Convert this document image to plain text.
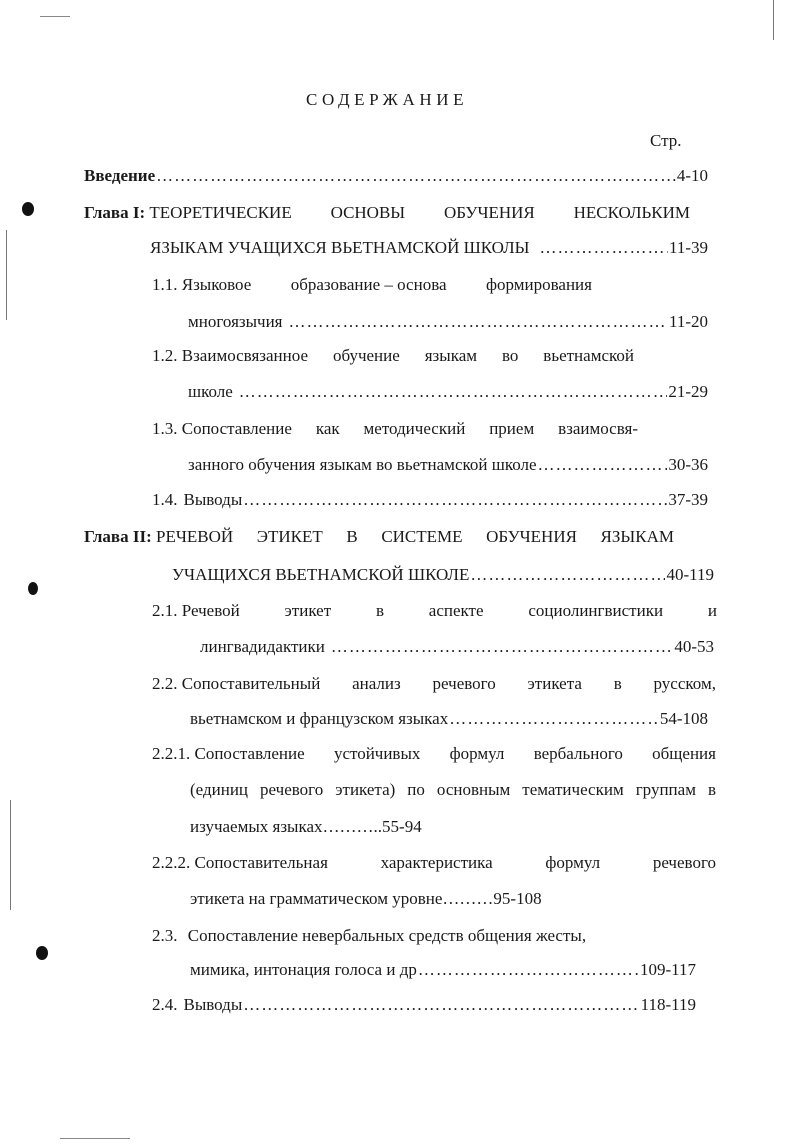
СОДЕРЖАНИЕ
Стр.
Введение …………………………………………………………………………………………………………………………………………………	4-10
Глава I: ТЕОРЕТИЧЕСКИЕ ОСНОВЫ ОБУЧЕНИЯ НЕСКОЛЬКИМ
ЯЗЫКАМ УЧАЩИХСЯ ВЬЕТНАМСКОЙ ШКОЛЫ …………………………………………………………………………………………………………………………………………………	11-39
1.1. Языковое образование – основа формирования
многоязычия …………………………………………………………………………………………………………………………………………………	11-20
1.2. Взаимосвязанное обучение языкам во вьетнамской
школе …………………………………………………………………………………………………………………………………………………	21-29
1.3. Сопоставление как методический прием взаимосвя-
занного обучения языкам во вьетнамской школе …………………………………………………………………………………………………………………………………………………	30-36
1.4. Выводы …………………………………………………………………………………………………………………………………………………	37-39
Глава II: РЕЧЕВОЙ ЭТИКЕТ В СИСТЕМЕ ОБУЧЕНИЯ ЯЗЫКАМ
УЧАЩИХСЯ ВЬЕТНАМСКОЙ ШКОЛЕ …………………………………………………………………………………………………………………………………………………	40-119
2.1. Речевой	этикет	в	аспекте	социолингвистики	и
лингвадидактики …………………………………………………………………………………………………………………………………………………	40-53
2.2. Сопоставительный анализ речевого этикета в русском,
вьетнамском и французском языках …………………………………………………………………………………………………………………………………………………	54-108
2.2.1. Сопоставление устойчивых формул вербального общения
(единиц речевого этикета) по основным тематическим группам в
изучаемых языках………..55-94
2.2.2. Сопоставительная	характеристика	формул	речевого
этикета на грамматическом уровне………95-108
2.3. Сопоставление невербальных средств общения жесты,
мимика, интонация голоса и др …………………………………………………………………………………………………………………………………………………	109-117
2.4. Выводы …………………………………………………………………………………………………………………………………………………	118-119
